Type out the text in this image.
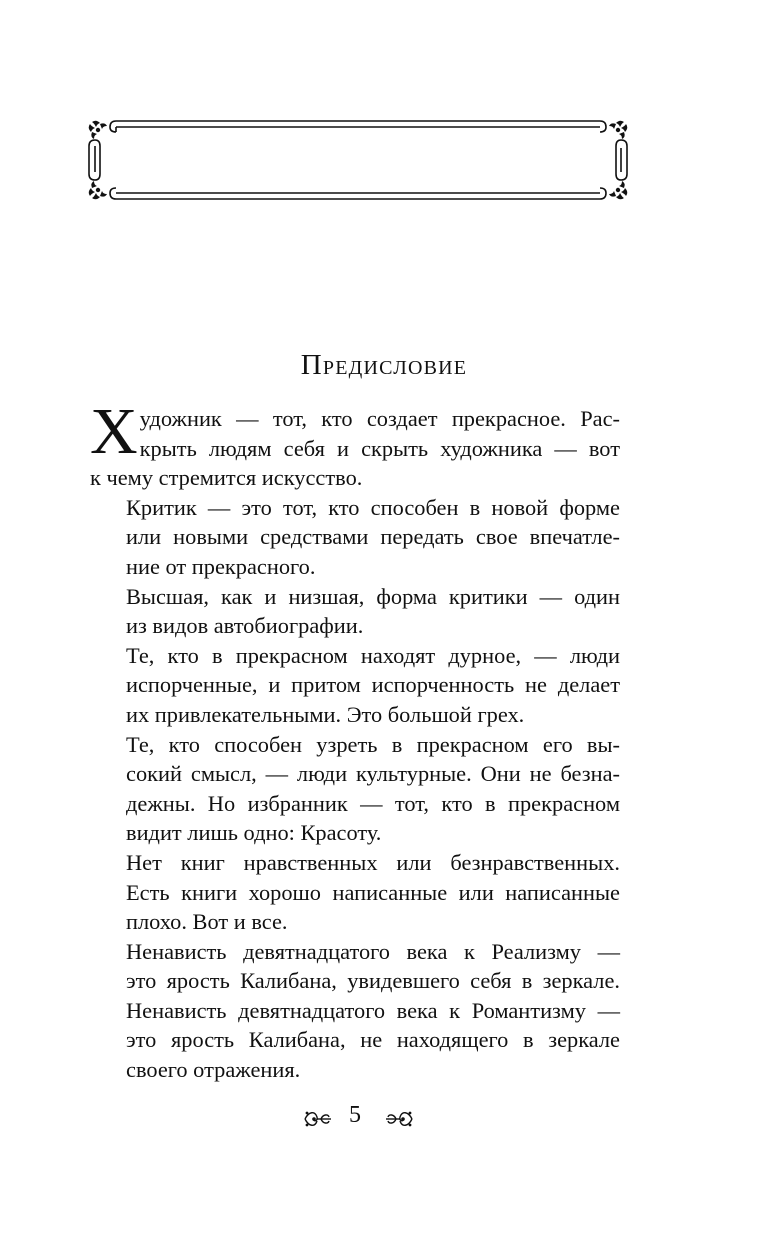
Предисловие

Х удожник — тот, кто создает прекрасное. Рас-
крыть людям себя и скрыть художника — вот
к чему стремится искусство.

Критик — это тот, кто способен в новой форме
или новыми средствами передать свое впечатле-
ние от прекрасного.

Высшая, как и низшая, форма критики — один
из видов автобиографии.

Те, кто в прекрасном находят дурное, — люди
испорченные, и притом испорченность не делает
их привлекательными. Это большой грех.

Те, кто способен узреть в прекрасном его вы-
сокий смысл, — люди культурные. Они не безна-
дежны. Но избранник — тот, кто в прекрасном
видит лишь одно: Красоту.

Нет книг нравственных или безнравственных.
Есть книги хорошо написанные или написанные
плохо. Вот и все.

Ненависть девятнадцатого века к Реализму —
это ярость Калибана, увидевшего себя в зеркале.
Ненависть девятнадцатого века к Романтизму —
это ярость Калибана, не находящего в зеркале
своего отражения.

5
